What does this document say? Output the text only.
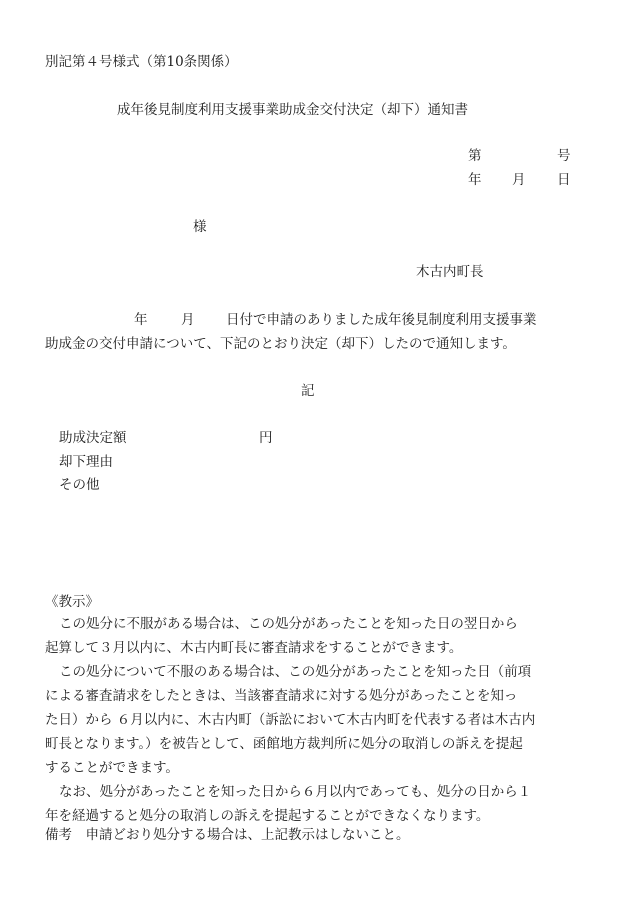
別記第４号様式（第10条関係）
成年後見制度利用支援事業助成金交付決定（却下）通知書
第	号
年 月 日
様
木古内町長
年 月 日付で申請のありました成年後見制度利用支援事業
助成金の交付申請について、下記のとおり決定（却下）したので通知します。
記
助成決定額	円
却下理由
その他
《教示》
この処分に不服がある場合は、この処分があったことを知った日の翌日から
起算して３月以内に、木古内町長に審査請求をすることができます。
この処分について不服のある場合は、この処分があったことを知った日（前項
による審査請求をしたときは、当該審査請求に対する処分があったことを知っ
た日）から ６月以内に、木古内町（訴訟において木古内町を代表する者は木古内
町長となります。）を被告として、函館地方裁判所に処分の取消しの訴えを提起
することができます。
なお、処分があったことを知った日から６月以内であっても、処分の日から１
年を経過すると処分の取消しの訴えを提起することができなくなります。
備考　申請どおり処分する場合は、上記教示はしないこと。
